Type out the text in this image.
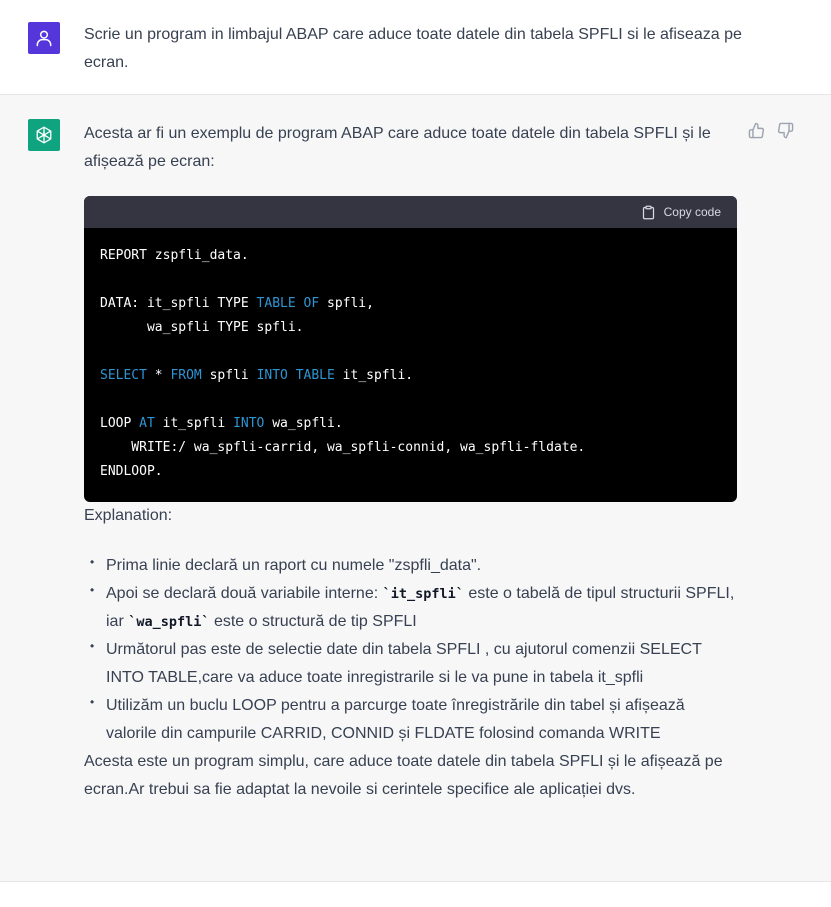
Scrie un program in limbajul ABAP care aduce toate datele din tabela SPFLI si le afiseaza pe ecran.

Acesta ar fi un exemplu de program ABAP care aduce toate datele din tabela SPFLI și le afișează pe ecran:

Copy code
REPORT zspfli_data.

DATA: it_spfli TYPE TABLE OF spfli,
wa_spfli TYPE spfli.

SELECT * FROM spfli INTO TABLE it_spfli.

LOOP AT it_spfli INTO wa_spfli.
WRITE:/ wa_spfli-carrid, wa_spfli-connid, wa_spfli-fldate.
ENDLOOP.

Explanation:

• Prima linie declară un raport cu numele "zspfli_data".
• Apoi se declară două variabile interne: `it_spfli` este o tabelă de tipul structurii SPFLI, iar `wa_spfli` este o structură de tip SPFLI
• Următorul pas este de selectie date din tabela SPFLI , cu ajutorul comenzii SELECT INTO TABLE,care va aduce toate inregistrarile si le va pune in tabela it_spfli
• Utilizăm un buclu LOOP pentru a parcurge toate înregistrările din tabel și afișează valorile din campurile CARRID, CONNID și FLDATE folosind comanda WRITE

Acesta este un program simplu, care aduce toate datele din tabela SPFLI și le afișează pe ecran.Ar trebui sa fie adaptat la nevoile si cerintele specifice ale aplicației dvs.
